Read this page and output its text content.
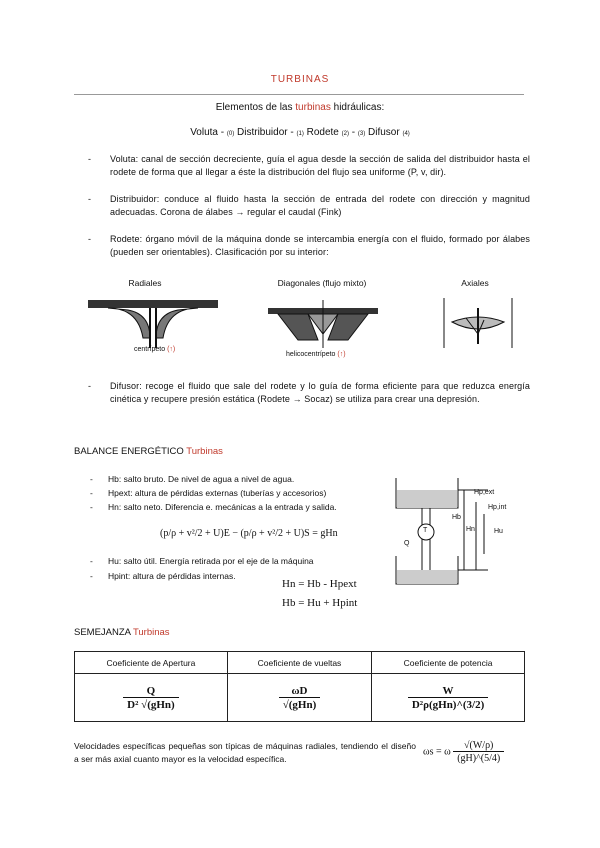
TURBINAS
Elementos de las turbinas hidráulicas:
Voluta - (0) Distribuidor - (1) Rodete (2) - (3) Difusor (4)
- Voluta: canal de sección decreciente, guía el agua desde la sección de salida del distribuidor hasta el rodete de forma que al llegar a éste la distribución del flujo sea uniforme (P, v, dir).
- Distribuidor: conduce al fluido hasta la sección de entrada del rodete con dirección y magnitud adecuadas. Corona de álabes → regular el caudal (Fink)
- Rodete: órgano móvil de la máquina donde se intercambia energía con el fluido, formado por álabes (pueden ser orientables). Clasificación por su interior:
Radiales	Diagonales (flujo mixto)	Axiales
centrípeto (↑)
helicocentrípeto (↑)
- Difusor: recoge el fluido que sale del rodete y lo guía de forma eficiente para que reduzca energía cinética y recupere presión estática (Rodete → Socaz) se utiliza para crear una depresión.
BALANCE ENERGÉTICO Turbinas
- Hb: salto bruto. De nivel de agua a nivel de agua.
- Hpext: altura de pérdidas externas (tuberías y accesorios)
- Hn: salto neto. Diferencia e. mecánicas a la entrada y salida.
(p/ρ + v²/2 + U)E − (p/ρ + v²/2 + U)S = gHn
- Hu: salto útil. Energía retirada por el eje de la máquina
- Hpint: altura de pérdidas internas.
Hn = Hb - Hpext
Hb = Hu + Hpint
Hp,ext
Hp,int
Hb
Hn	Hu
T
Q
SEMEJANZA Turbinas
Coeficiente de Apertura	Coeficiente de vueltas	Coeficiente de potencia

$\frac{Q}{\text{D² √(gHn)}}$	$\frac{\omega D}{\text{√(gHn)}}$	$\frac{W}{\text{D²ρ(gHn)\textasciicircum{}(3/2)}}$
Velocidades específicas pequeñas son típicas de máquinas radiales, tendiendo el diseño a ser más axial cuanto mayor es la velocidad específica.
ωs = ω $\frac{√(W/\rho)}{(gH)\^{}(5/4)}$
